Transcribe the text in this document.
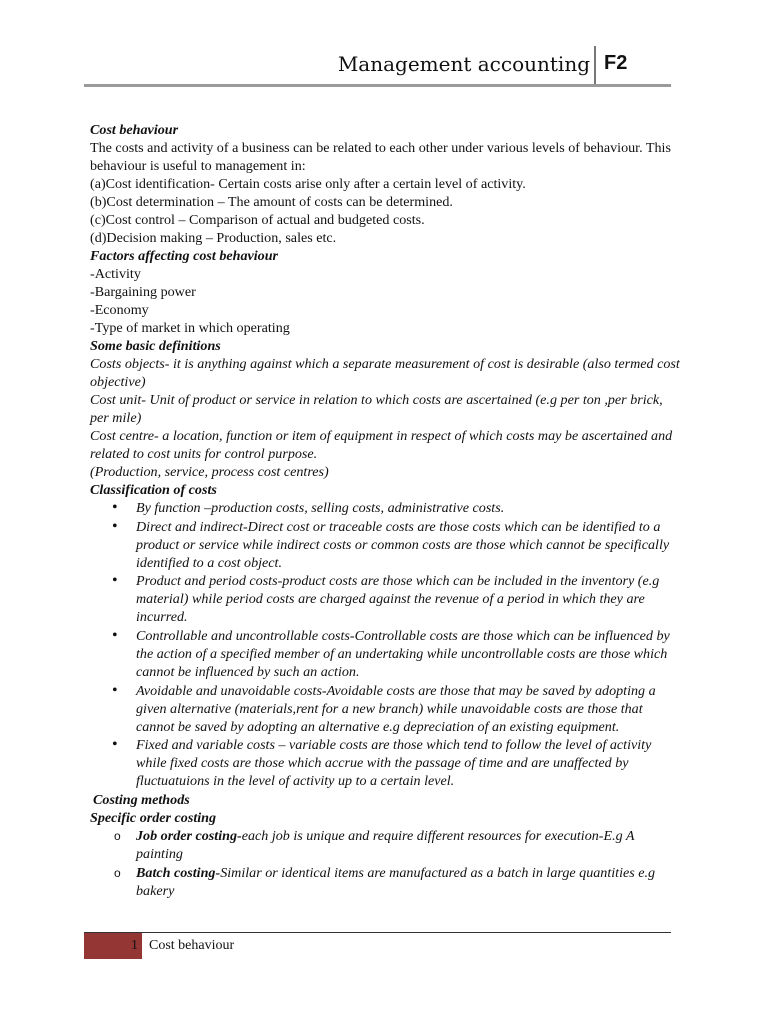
Management accounting F2

Cost behaviour

The costs and activity of a business can be related to each other under various levels of behaviour. This behaviour is useful to management in:

(a)Cost identification- Certain costs arise only after a certain level of activity.

(b)Cost determination – The amount of costs can be determined.

(c)Cost control – Comparison of actual and budgeted costs.

(d)Decision making – Production, sales etc.

Factors affecting cost behaviour

-Activity

-Bargaining power

-Economy

-Type of market in which operating

Some basic definitions

Costs objects- it is anything against which a separate measurement of cost is desirable (also termed cost objective)

Cost unit- Unit of product or service in relation to which costs are ascertained (e.g per ton ,per brick, per mile)

Cost centre- a location, function or item of equipment in respect of which costs may be ascertained and related to cost units for control purpose.

(Production, service, process cost centres)

Classification of costs

• By function –production costs, selling costs, administrative costs.
• Direct and indirect-Direct cost or traceable costs are those costs which can be identified to a product or service while indirect costs or common costs are those which cannot be specifically identified to a cost object.
• Product and period costs-product costs are those which can be included in the inventory (e.g material) while period costs are charged against the revenue of a period in which they are incurred.
• Controllable and uncontrollable costs-Controllable costs are those which can be influenced by the action of a specified member of an undertaking while uncontrollable costs are those which cannot be influenced by such an action.
• Avoidable and unavoidable costs-Avoidable costs are those that may be saved by adopting a given alternative (materials,rent for a new branch) while unavoidable costs are those that cannot be saved by adopting an alternative e.g depreciation of an existing equipment.
• Fixed and variable costs – variable costs are those which tend to follow the level of activity while fixed costs are those which accrue with the passage of time and are unaffected by fluctuatuions in the level of activity up to a certain level.

Costing methods

Specific order costing

o Job order costing-each job is unique and require different resources for execution-E.g A painting
o Batch costing-Similar or identical items are manufactured as a batch in large quantities e.g bakery
1 Cost behaviour
